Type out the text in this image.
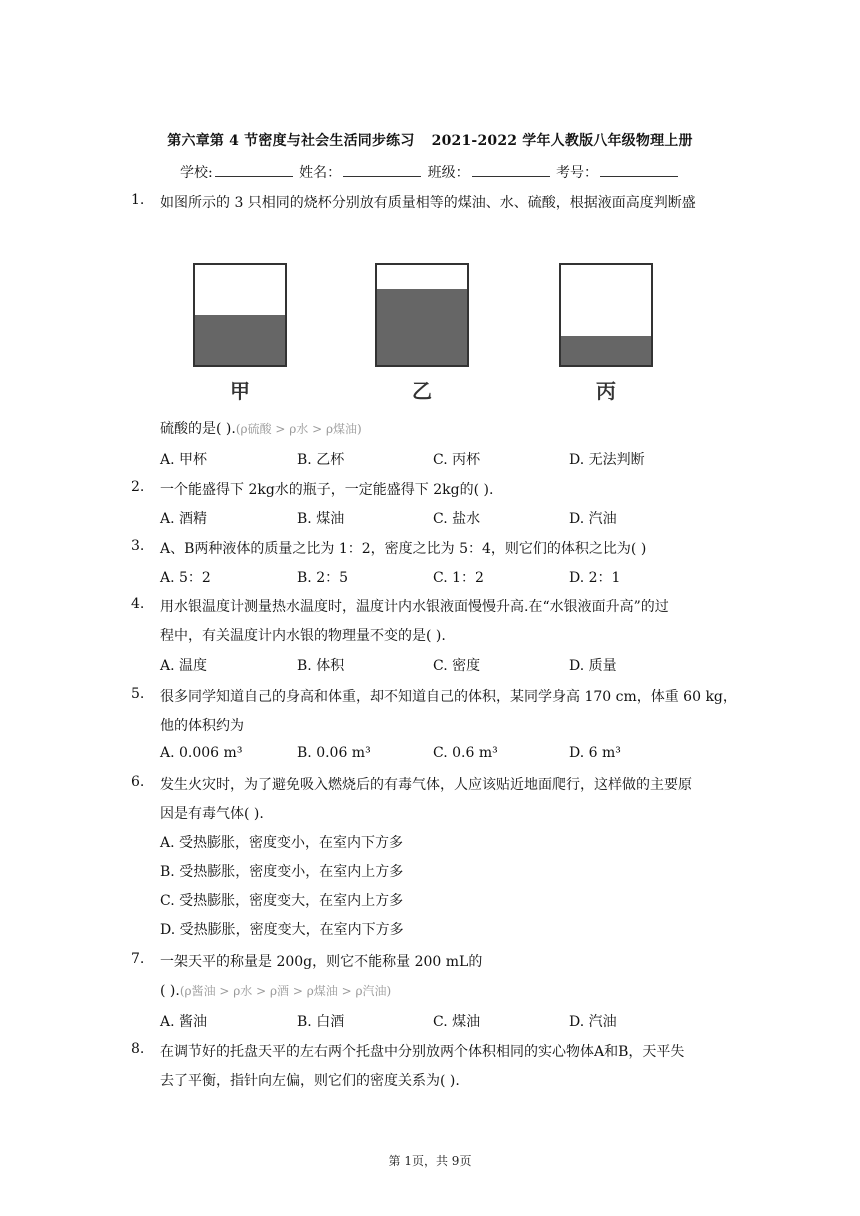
第六章第 4 节密度与社会生活同步练习 2021-2022 学年人教版八年级物理上册
学校:	姓名：	班级：	考号：
1. 如图所示的 3 只相同的烧杯分别放有质量相等的煤油、水、硫酸，根据液面高度判断盛
甲	乙	丙
硫酸的是( ).(ρ硫酸 > ρ水 > ρ煤油)
A. 甲杯	B. 乙杯	C. 丙杯	D. 无法判断
2. 一个能盛得下 2kg水的瓶子，一定能盛得下 2kg的( ).
A. 酒精	B. 煤油	C. 盐水	D. 汽油
3. A、B两种液体的质量之比为 1：2，密度之比为 5：4，则它们的体积之比为( )
A. 5：2	B. 2：5	C. 1：2	D. 2：1
4. 用水银温度计测量热水温度时，温度计内水银液面慢慢升高.在“水银液面升高”的过
程中，有关温度计内水银的物理量不变的是( ).
A. 温度	B. 体积	C. 密度	D. 质量
5. 很多同学知道自己的身高和体重，却不知道自己的体积，某同学身高 170 cm，体重 60 kg，
他的体积约为
A. 0.006 m³	B. 0.06 m³	C. 0.6 m³	D. 6 m³
6. 发生火灾时，为了避免吸入燃烧后的有毒气体，人应该贴近地面爬行，这样做的主要原
因是有毒气体( ).
A. 受热膨胀，密度变小，在室内下方多
B. 受热膨胀，密度变小，在室内上方多
C. 受热膨胀，密度变大，在室内上方多
D. 受热膨胀，密度变大，在室内下方多
7. 一架天平的称量是 200g，则它不能称量 200 mL的
( ).(ρ酱油 > ρ水 > ρ酒 > ρ煤油 > ρ汽油)
A. 酱油	B. 白酒	C. 煤油	D. 汽油
8. 在调节好的托盘天平的左右两个托盘中分别放两个体积相同的实心物体A和B，天平失
去了平衡，指针向左偏，则它们的密度关系为( ).
第 1页，共 9页
